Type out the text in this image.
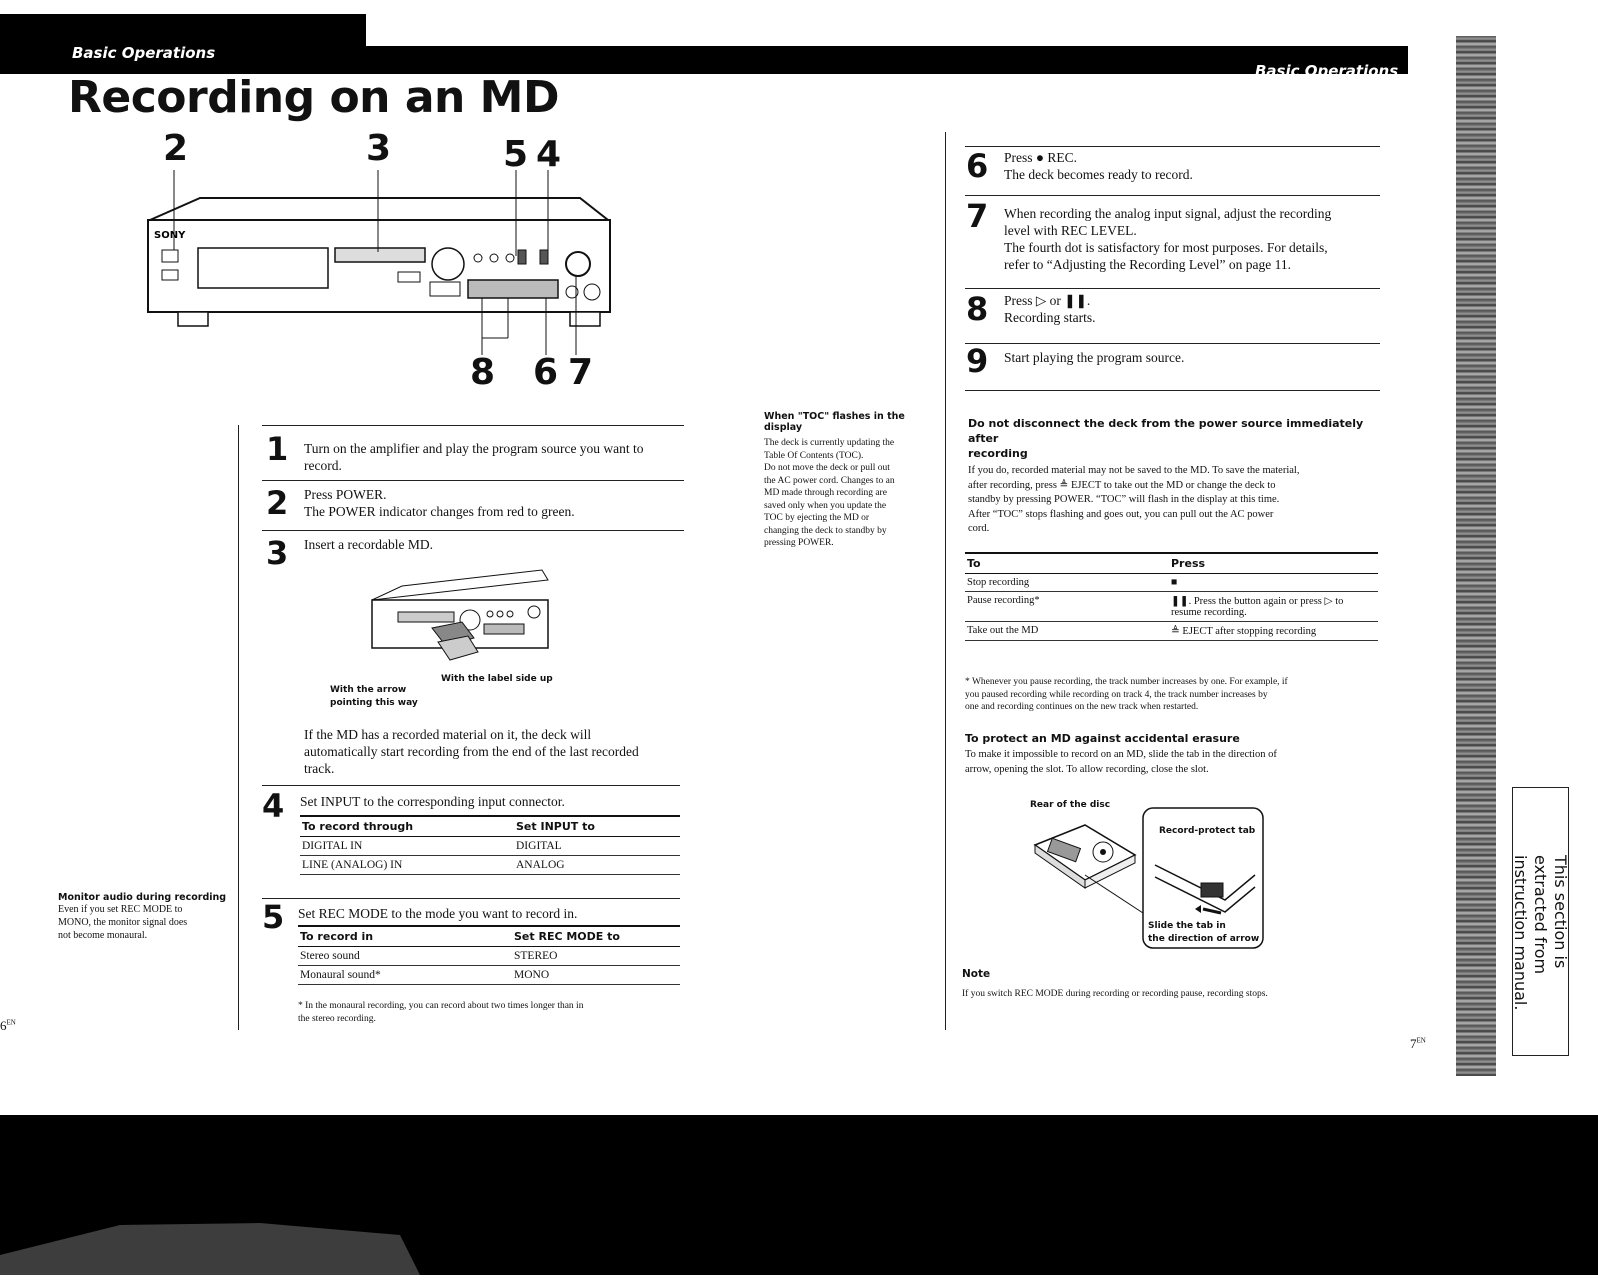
Basic Operations
Basic Operations
Recording on an MD
SONY
2	3	5 4
8 6 7
1 Turn on the amplifier and play the program source you want to
record.
2 Press POWER.
The POWER indicator changes from red to green.
3 Insert a recordable MD.
With the arrow pointing this way
With the label side up
If the MD has a recorded material on it, the deck will
automatically start recording from the end of the last recorded
track.
4 Set INPUT to the corresponding input connector.
To record through	Set INPUT to
DIGITAL IN	DIGITAL
LINE (ANALOG) IN	ANALOG
5 Set REC MODE to the mode you want to record in.
To record in	Set REC MODE to
Stereo sound	STEREO
Monaural sound*	MONO
* In the monaural recording, you can record about two times longer than in
the stereo recording.
Monitor audio during recording
Even if you set REC MODE to
MONO, the monitor signal does
not become monaural.
$6^{EN}$
$7^{EN}$
When "TOC" flashes in the display
The deck is currently updating the
Table Of Contents (TOC).
Do not move the deck or pull out
the AC power cord. Changes to an
MD made through recording are
saved only when you update the
TOC by ejecting the MD or
changing the deck to standby by
pressing POWER.
6 Press ● REC.
The deck becomes ready to record.
7 When recording the analog input signal, adjust the recording
level with REC LEVEL.
The fourth dot is satisfactory for most purposes. For details,
refer to “Adjusting the Recording Level” on page 11.
8 Press ▷ or ❚❚.
Recording starts.
9 Start playing the program source.
Do not disconnect the deck from the power source immediately after
recording
If you do, recorded material may not be saved to the MD. To save the material,
after recording, press ≜ EJECT to take out the MD or change the deck to
standby by pressing POWER. “TOC” will flash in the display at this time.
After “TOC” stops flashing and goes out, you can pull out the AC power
cord.
To	Press
Stop recording	■
Pause recording*	❚❚. Press the button again or press ▷ to resume recording.
Take out the MD	≜ EJECT after stopping recording
* Whenever you pause recording, the track number increases by one. For example, if
you paused recording while recording on track 4, the track number increases by
one and recording continues on the new track when restarted.
To protect an MD against accidental erasure
To make it impossible to record on an MD, slide the tab in the direction of
arrow, opening the slot. To allow recording, close the slot.
Rear of the disc
Record-protect tab
Slide the tab in
the direction of arrow
Note
If you switch REC MODE during recording or recording pause, recording stops.
This section is extracted from
instruction manual.
